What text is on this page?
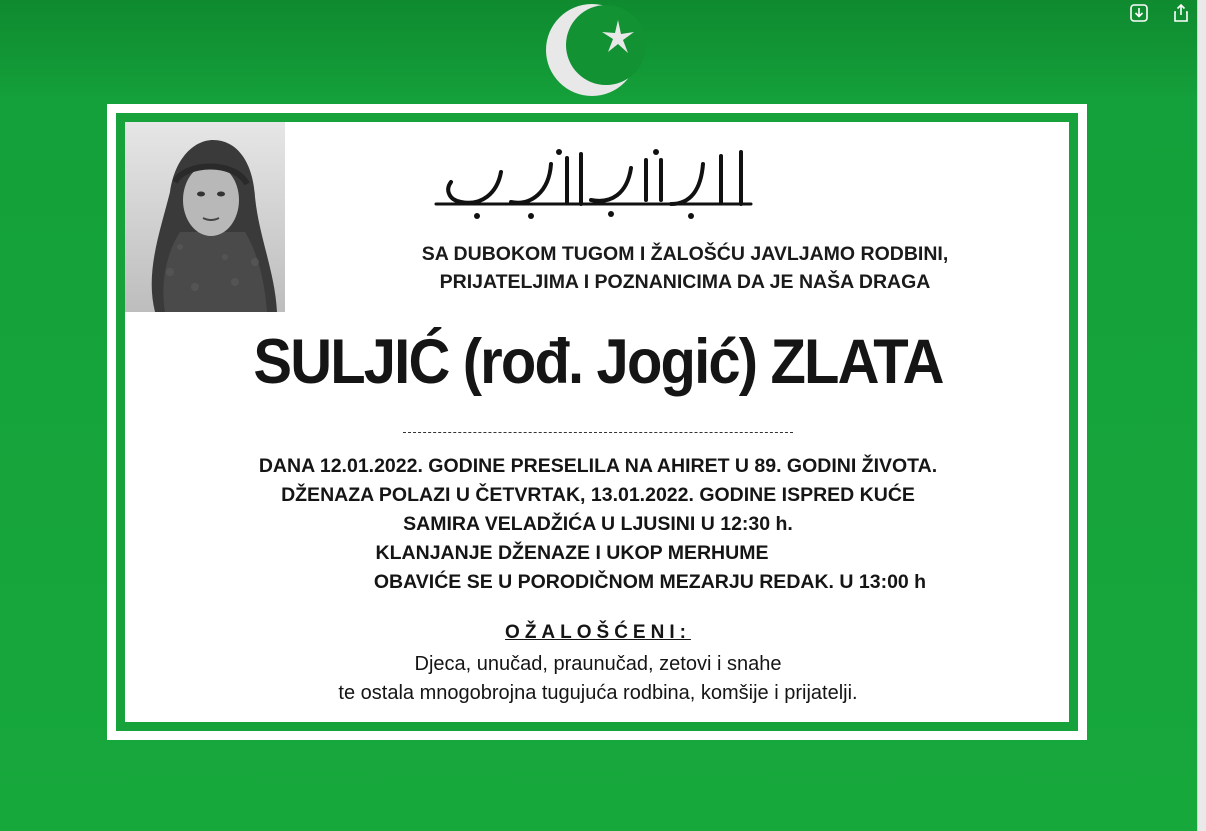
SA DUBOKOM TUGOM I ŽALOŠĆU JAVLJAMO RODBINI,
PRIJATELJIMA I POZNANICIMA DA JE NAŠA DRAGA
SULJIĆ (rođ. Jogić) ZLATA
DANA 12.01.2022. GODINE PRESELILA NA AHIRET U 89. GODINI ŽIVOTA.
DŽENAZA POLAZI U ČETVRTAK, 13.01.2022. GODINE ISPRED KUĆE
SAMIRA VELADŽIĆA U LJUSINI U 12:30 h.
KLANJANJE DŽENAZE I UKOP MERHUME
OBAVIĆE SE U PORODIČNOM MEZARJU REDAK. U 13:00 h
OŽALOŠĆENI:
Djeca, unučad, praunučad, zetovi i snahe
te ostala mnogobrojna tugujuća rodbina, komšije i prijatelji.
